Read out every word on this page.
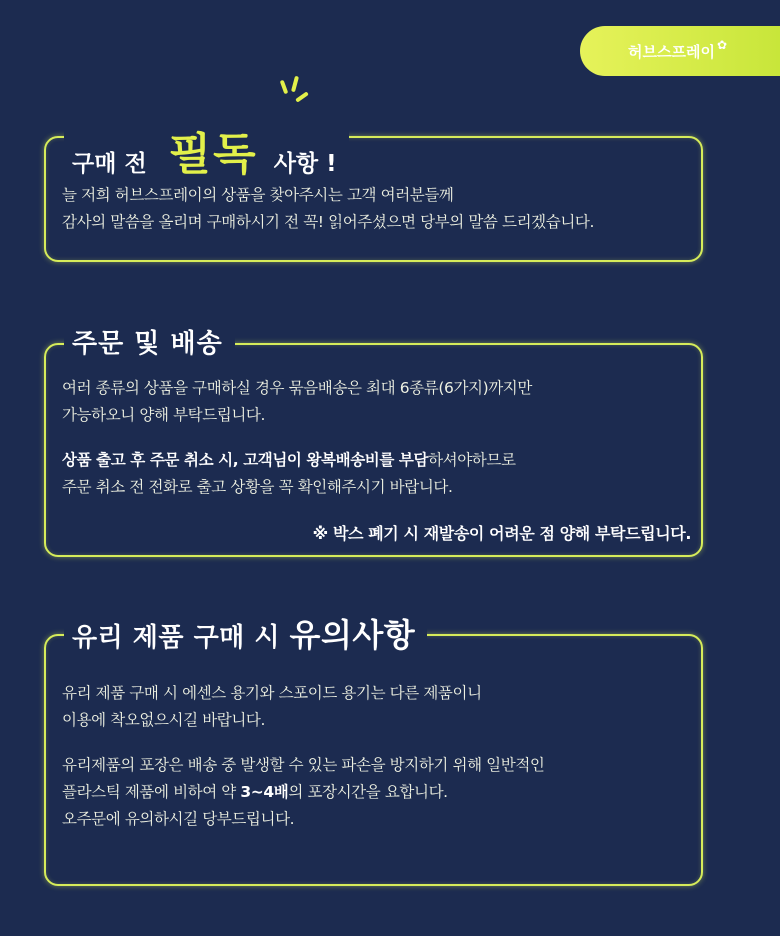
허브스프레이 ✿
구매 전 필독 사항 !

늘 저희 허브스프레이의 상품을 찾아주시는 고객 여러분들께

감사의 말씀을 올리며 구매하시기 전 꼭! 읽어주셨으면 당부의 말씀 드리겠습니다.

주문 및 배송

여러 종류의 상품을 구매하실 경우 묶음배송은 최대 6종류(6가지)까지만

가능하오니 양해 부탁드립니다.

상품 출고 후 주문 취소 시, 고객님이 왕복배송비를 부담하셔야하므로

주문 취소 전 전화로 출고 상황을 꼭 확인해주시기 바랍니다.

※ 박스 폐기 시 재발송이 어려운 점 양해 부탁드립니다.
유리 제품 구매 시 유의사항

유리 제품 구매 시 에센스 용기와 스포이드 용기는 다른 제품이니

이용에 착오없으시길 바랍니다.

유리제품의 포장은 배송 중 발생할 수 있는 파손을 방지하기 위해 일반적인

플라스틱 제품에 비하여 약 3~4배의 포장시간을 요합니다.

오주문에 유의하시길 당부드립니다.
